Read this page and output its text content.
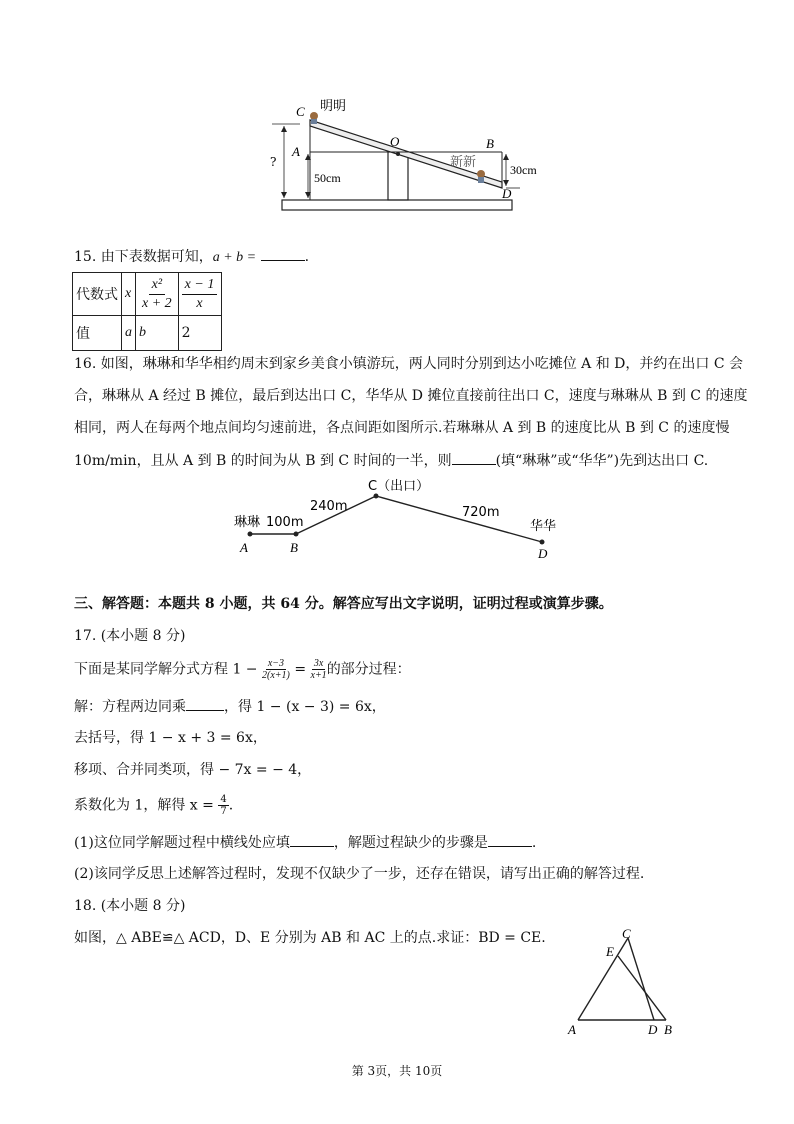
C 明明
A
O	B
新新
D
?
50cm
30cm
15. 由下表数据可知，a + b =	.
代数式	x	$\frac{\text{x²}}{x + 2}$	$\frac{x - 1}{x}$

值	a	b	2
16. 如图，琳琳和华华相约周末到家乡美食小镇游玩，两人同时分别到达小吃摊位 A 和 D，并约在出口 C 会
合，琳琳从 A 经过 B 摊位，最后到达出口 C，华华从 D 摊位直接前往出口 C，速度与琳琳从 B 到 C 的速度
相同，两人在每两个地点间均匀速前进，各点间距如图所示.若琳琳从 A 到 B 的速度比从 B 到 C 的速度慢
10m/min，且从 A 到 B 的时间为从 B 到 C 时间的一半，则	(填“琳琳”或“华华”)先到达出口 C.
C（出口）
琳琳 100m
240m	720m
华华
A	B	D
三、解答题：本题共 8 小题，共 64 分。解答应写出文字说明，证明过程或演算步骤。
17. (本小题 8 分)
下面是某同学解分式方程 $1 - \frac{x-3}{2(x+1)} = \frac{3x}{x+1}$ 的部分过程：
解：方程两边同乘	，得 1 − (x − 3) = 6x，
去括号，得 1 − x + 3 = 6x，
移项、合并同类项，得 − 7x = − 4，
系数化为 1，解得 $x = \frac{4}{7}$ .
(1)这位同学解题过程中横线处应填	，解题过程缺少的步骤是	.
(2)该同学反思上述解答过程时，发现不仅缺少了一步，还存在错误，请写出正确的解答过程.
18. (本小题 8 分)
如图，△ ABE≌△ ACD，D、E 分别为 AB 和 AC 上的点.求证：BD = CE.	C
E
A	D B
第 3页，共 10页
